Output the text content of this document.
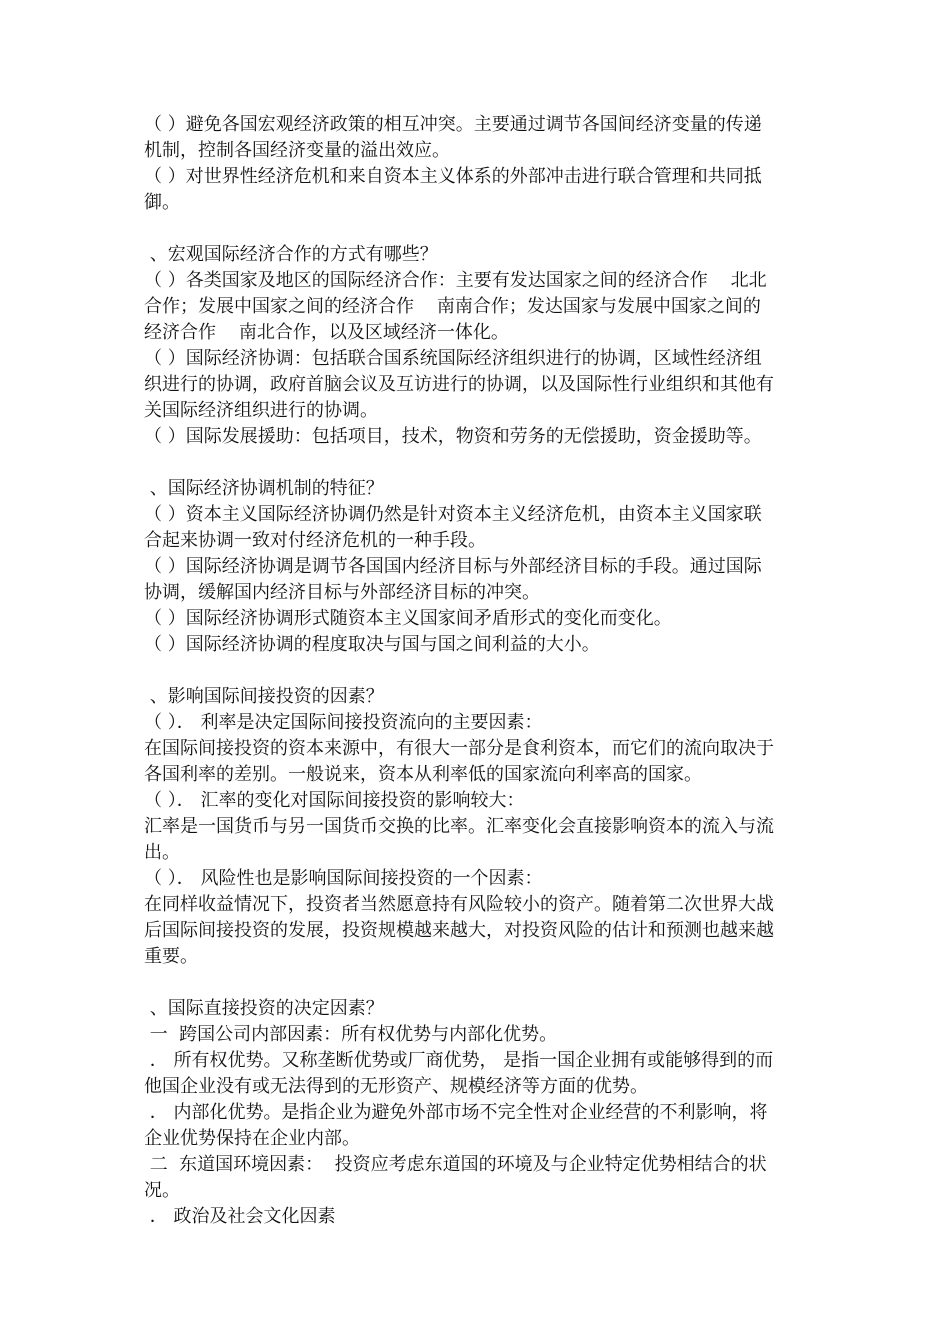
（ ）避免各国宏观经济政策的相互冲突。主要通过调节各国间经济变量的传递

机制，控制各国经济变量的溢出效应。

（ ）对世界性经济危机和来自资本主义体系的外部冲击进行联合管理和共同抵

御。

、宏观国际经济合作的方式有哪些？

（ ）各类国家及地区的国际经济合作：主要有发达国家之间的经济合作    北北

合作；发展中国家之间的经济合作    南南合作；发达国家与发展中国家之间的

经济合作    南北合作，以及区域经济一体化。

（ ）国际经济协调：包括联合国系统国际经济组织进行的协调，区域性经济组

织进行的协调，政府首脑会议及互访进行的协调，以及国际性行业组织和其他有

关国际经济组织进行的协调。

（ ）国际发展援助：包括项目，技术，物资和劳务的无偿援助，资金援助等。

、国际经济协调机制的特征？

（ ）资本主义国际经济协调仍然是针对资本主义经济危机，由资本主义国家联

合起来协调一致对付经济危机的一种手段。

（ ）国际经济协调是调节各国国内经济目标与外部经济目标的手段。通过国际

协调，缓解国内经济目标与外部经济目标的冲突。

（ ）国际经济协调形式随资本主义国家间矛盾形式的变化而变化。

（ ）国际经济协调的程度取决与国与国之间利益的大小。

、影响国际间接投资的因素？

（ ）． 利率是决定国际间接投资流向的主要因素：

在国际间接投资的资本来源中，有很大一部分是食利资本，而它们的流向取决于

各国利率的差别。一般说来，资本从利率低的国家流向利率高的国家。

（ ）． 汇率的变化对国际间接投资的影响较大：

汇率是一国货币与另一国货币交换的比率。汇率变化会直接影响资本的流入与流

出。

（ ）． 风险性也是影响国际间接投资的一个因素：

在同样收益情况下，投资者当然愿意持有风险较小的资产。随着第二次世界大战

后国际间接投资的发展，投资规模越来越大，对投资风险的估计和预测也越来越

重要。

、国际直接投资的决定因素？

一  跨国公司内部因素：所有权优势与内部化优势。

． 所有权优势。又称垄断优势或厂商优势， 是指一国企业拥有或能够得到的而

他国企业没有或无法得到的无形资产、规模经济等方面的优势。

． 内部化优势。是指企业为避免外部市场不完全性对企业经营的不利影响，将

企业优势保持在企业内部。

二  东道国环境因素：  投资应考虑东道国的环境及与企业特定优势相结合的状

况。

． 政治及社会文化因素
